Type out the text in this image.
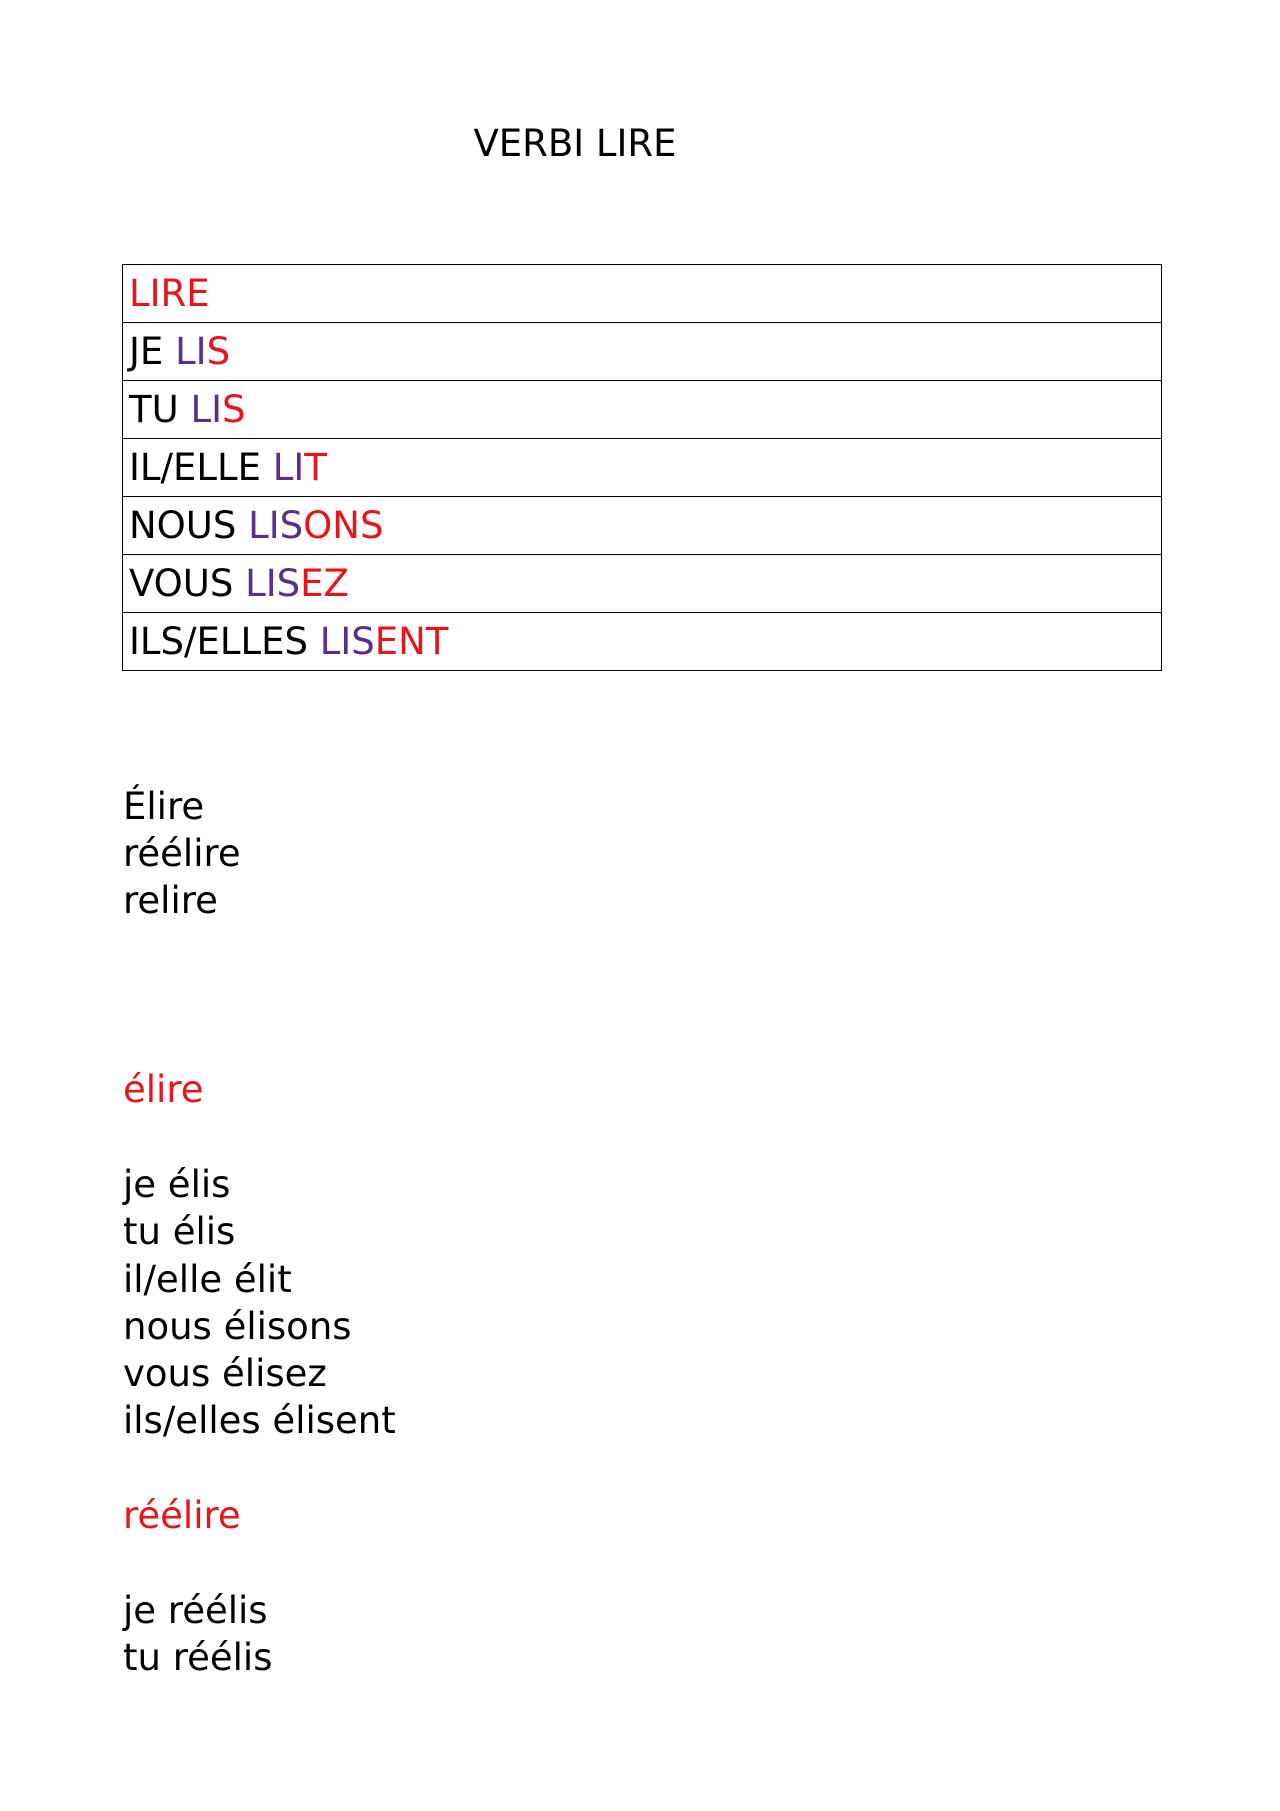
VERBI LIRE
LIRE
JE LIS
TU LIS
IL/ELLE LIT
NOUS LISONS
VOUS LISEZ
ILS/ELLES LISENT
Élire
réélire
relire
élire
je élis
tu élis
il/elle élit
nous élisons
vous élisez
ils/elles élisent
réélire
je réélis
tu réélis
